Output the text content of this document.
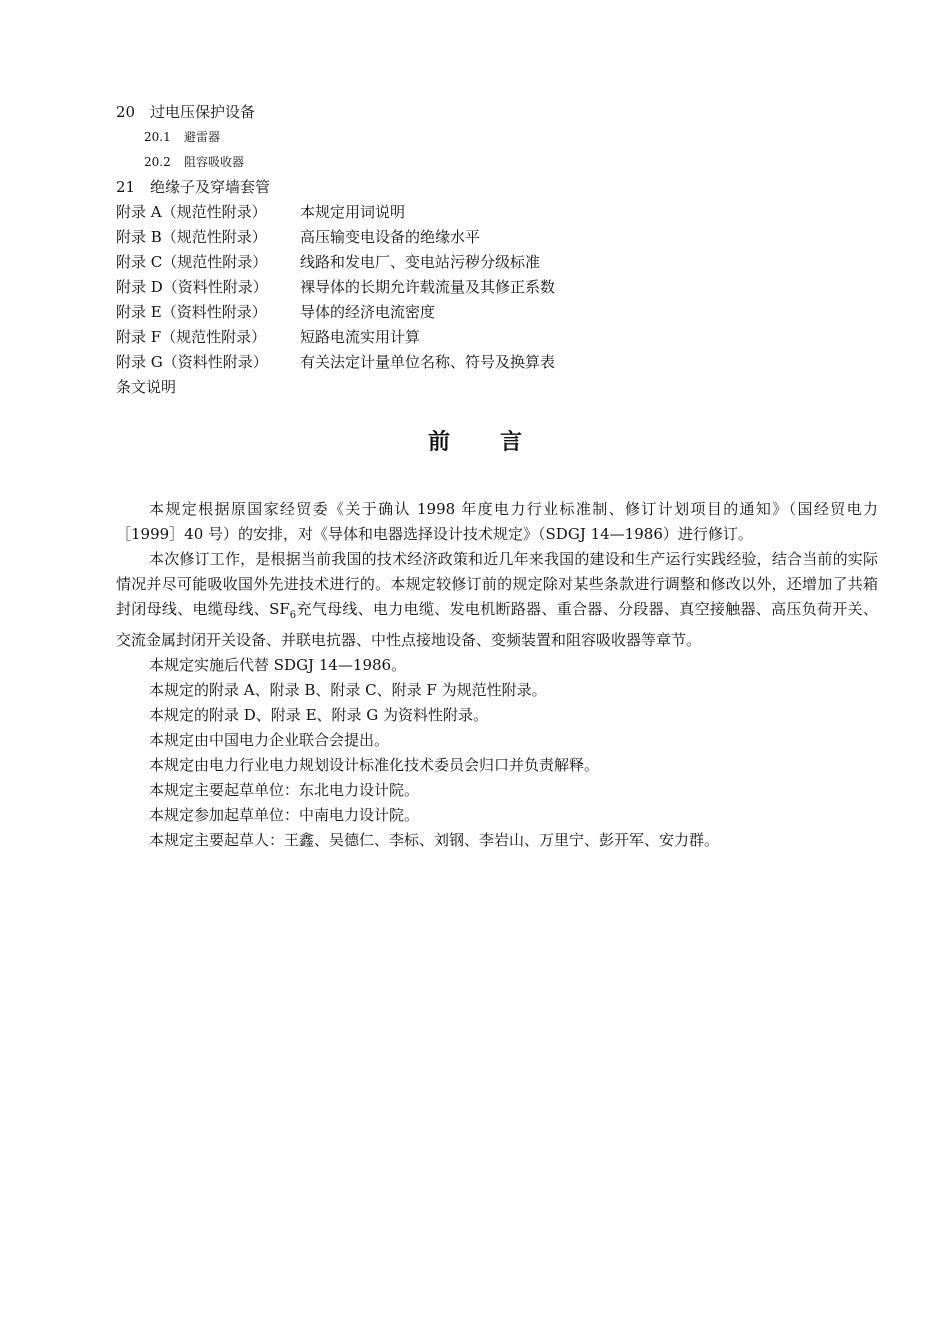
20 过电压保护设备
20.1 避雷器
20.2 阻容吸收器
21 绝缘子及穿墙套管
附录 A（规范性附录） 本规定用词说明
附录 B（规范性附录） 高压输变电设备的绝缘水平
附录 C（规范性附录） 线路和发电厂、变电站污秽分级标准
附录 D（资料性附录） 裸导体的长期允许载流量及其修正系数
附录 E（资料性附录） 导体的经济电流密度
附录 F（规范性附录） 短路电流实用计算
附录 G（资料性附录） 有关法定计量单位名称、符号及换算表
条文说明
前言

本规定根据原国家经贸委《关于确认 1998 年度电力行业标准制、修订计划项目的通知》（国经贸电力［1999］40 号）的安排，对《导体和电器选择设计技术规定》（SDGJ 14—1986）进行修订。

本次修订工作，是根据当前我国的技术经济政策和近几年来我国的建设和生产运行实践经验，结合当前的实际情况并尽可能吸收国外先进技术进行的。本规定较修订前的规定除对某些条款进行调整和修改以外，还增加了共箱封闭母线、电缆母线、$SF_6$充气母线、电力电缆、发电机断路器、重合器、分段器、真空接触器、高压负荷开关、交流金属封闭开关设备、并联电抗器、中性点接地设备、变频装置和阻容吸收器等章节。

本规定实施后代替 SDGJ 14—1986。

本规定的附录 A、附录 B、附录 C、附录 F 为规范性附录。

本规定的附录 D、附录 E、附录 G 为资料性附录。

本规定由中国电力企业联合会提出。

本规定由电力行业电力规划设计标准化技术委员会归口并负责解释。

本规定主要起草单位：东北电力设计院。

本规定参加起草单位：中南电力设计院。

本规定主要起草人：王鑫、吴德仁、李标、刘钢、李岩山、万里宁、彭开军、安力群。
